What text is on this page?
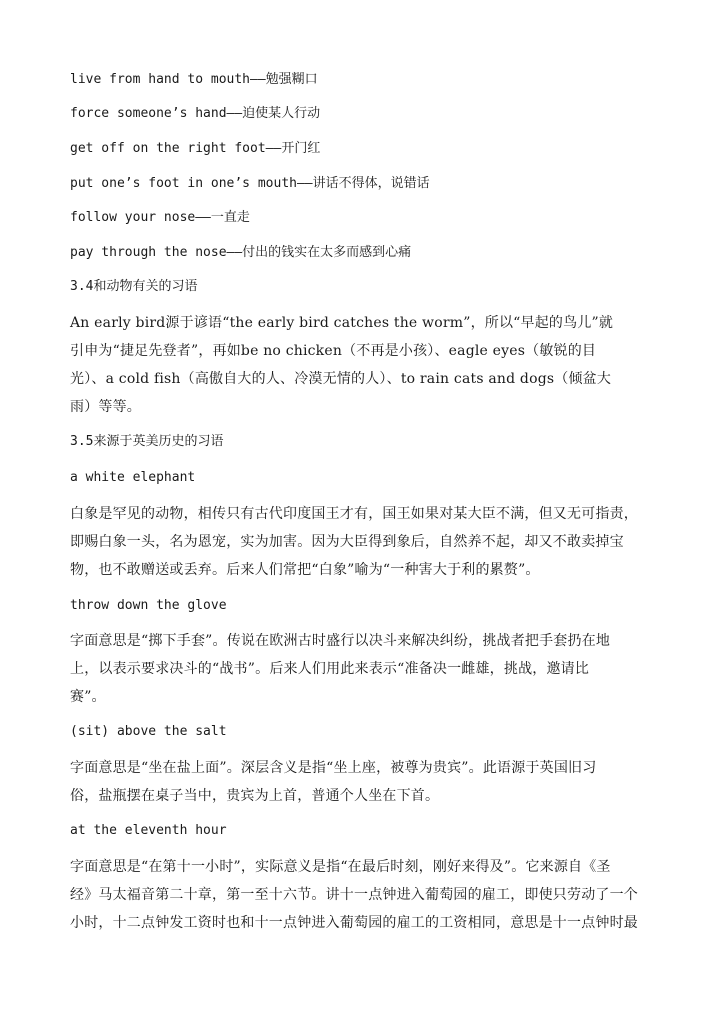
live from hand to mouth——勉强糊口
force someone’s hand——迫使某人行动
get off on the right foot——开门红
put one’s foot in one’s mouth——讲话不得体，说错话
follow your nose——一直走
pay through the nose——付出的钱实在太多而感到心痛
3.4和动物有关的习语
An early bird源于谚语“the early bird catches the worm”，所以“早起的鸟儿”就
引申为“捷足先登者”，再如be no chicken（不再是小孩）、eagle eyes（敏锐的目
光）、a cold fish（高傲自大的人、冷漠无情的人）、to rain cats and dogs（倾盆大
雨）等等。
3.5来源于英美历史的习语
a white elephant
白象是罕见的动物，相传只有古代印度国王才有，国王如果对某大臣不满，但又无可指责，
即赐白象一头，名为恩宠，实为加害。因为大臣得到象后，自然养不起，却又不敢卖掉宝
物，也不敢赠送或丢弃。后来人们常把“白象”喻为“一种害大于利的累赘”。
throw down the glove
字面意思是“掷下手套”。传说在欧洲古时盛行以决斗来解决纠纷，挑战者把手套扔在地
上，以表示要求决斗的“战书”。后来人们用此来表示“准备决一雌雄，挑战，邀请比
赛”。
(sit) above the salt
字面意思是“坐在盐上面”。深层含义是指“坐上座，被尊为贵宾”。此语源于英国旧习
俗，盐瓶摆在桌子当中，贵宾为上首，普通个人坐在下首。
at the eleventh hour
字面意思是“在第十一小时”，实际意义是指“在最后时刻，刚好来得及”。它来源自《圣
经》马太福音第二十章，第一至十六节。讲十一点钟进入葡萄园的雇工，即使只劳动了一个
小时，十二点钟发工资时也和十一点钟进入葡萄园的雇工的工资相同，意思是十一点钟时最
